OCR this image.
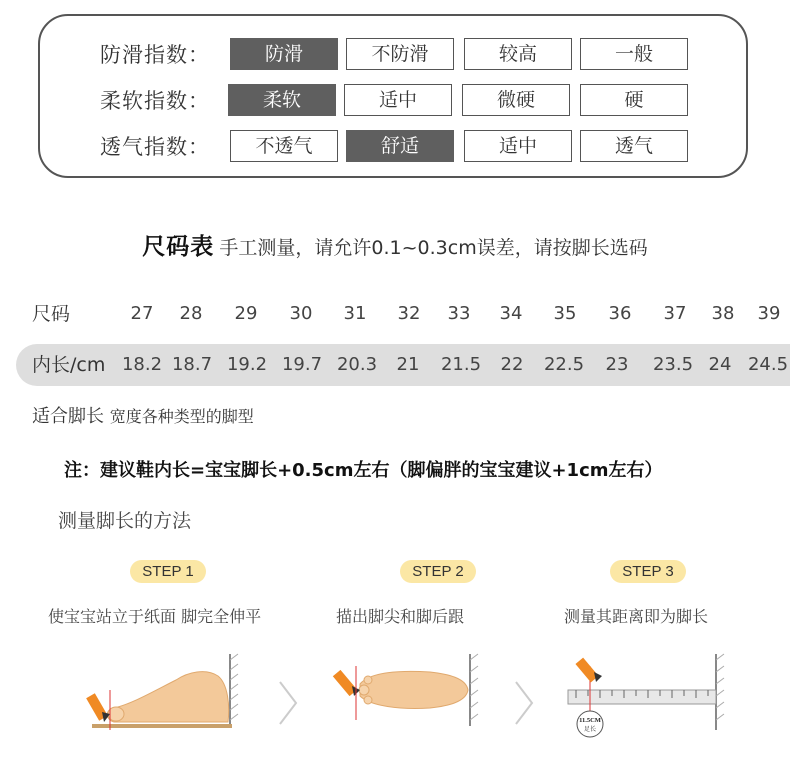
防滑指数：	防滑	不防滑	较高	一般
柔软指数：	柔软	适中	微硬	硬
透气指数：	不透气	舒适	适中	透气
尺码表 手工测量，请允许0.1~0.3cm误差，请按脚长选码
尺码	27 28 29 30 31 32 33 34 35 36 37 38 39
内长/cm 18.2 18.7 19.2 19.7 20.3 21 21.5 22 22.5 23 23.5 24 24.5
适合脚长 宽度各种类型的脚型
注：建议鞋内长=宝宝脚长+0.5cm左右（脚偏胖的宝宝建议+1cm左右）
测量脚长的方法
STEP 1	STEP 2	STEP 3
使宝宝站立于纸面 脚完全伸平	描出脚尖和脚后跟	测量其距离即为脚长
11.5CM
足长
